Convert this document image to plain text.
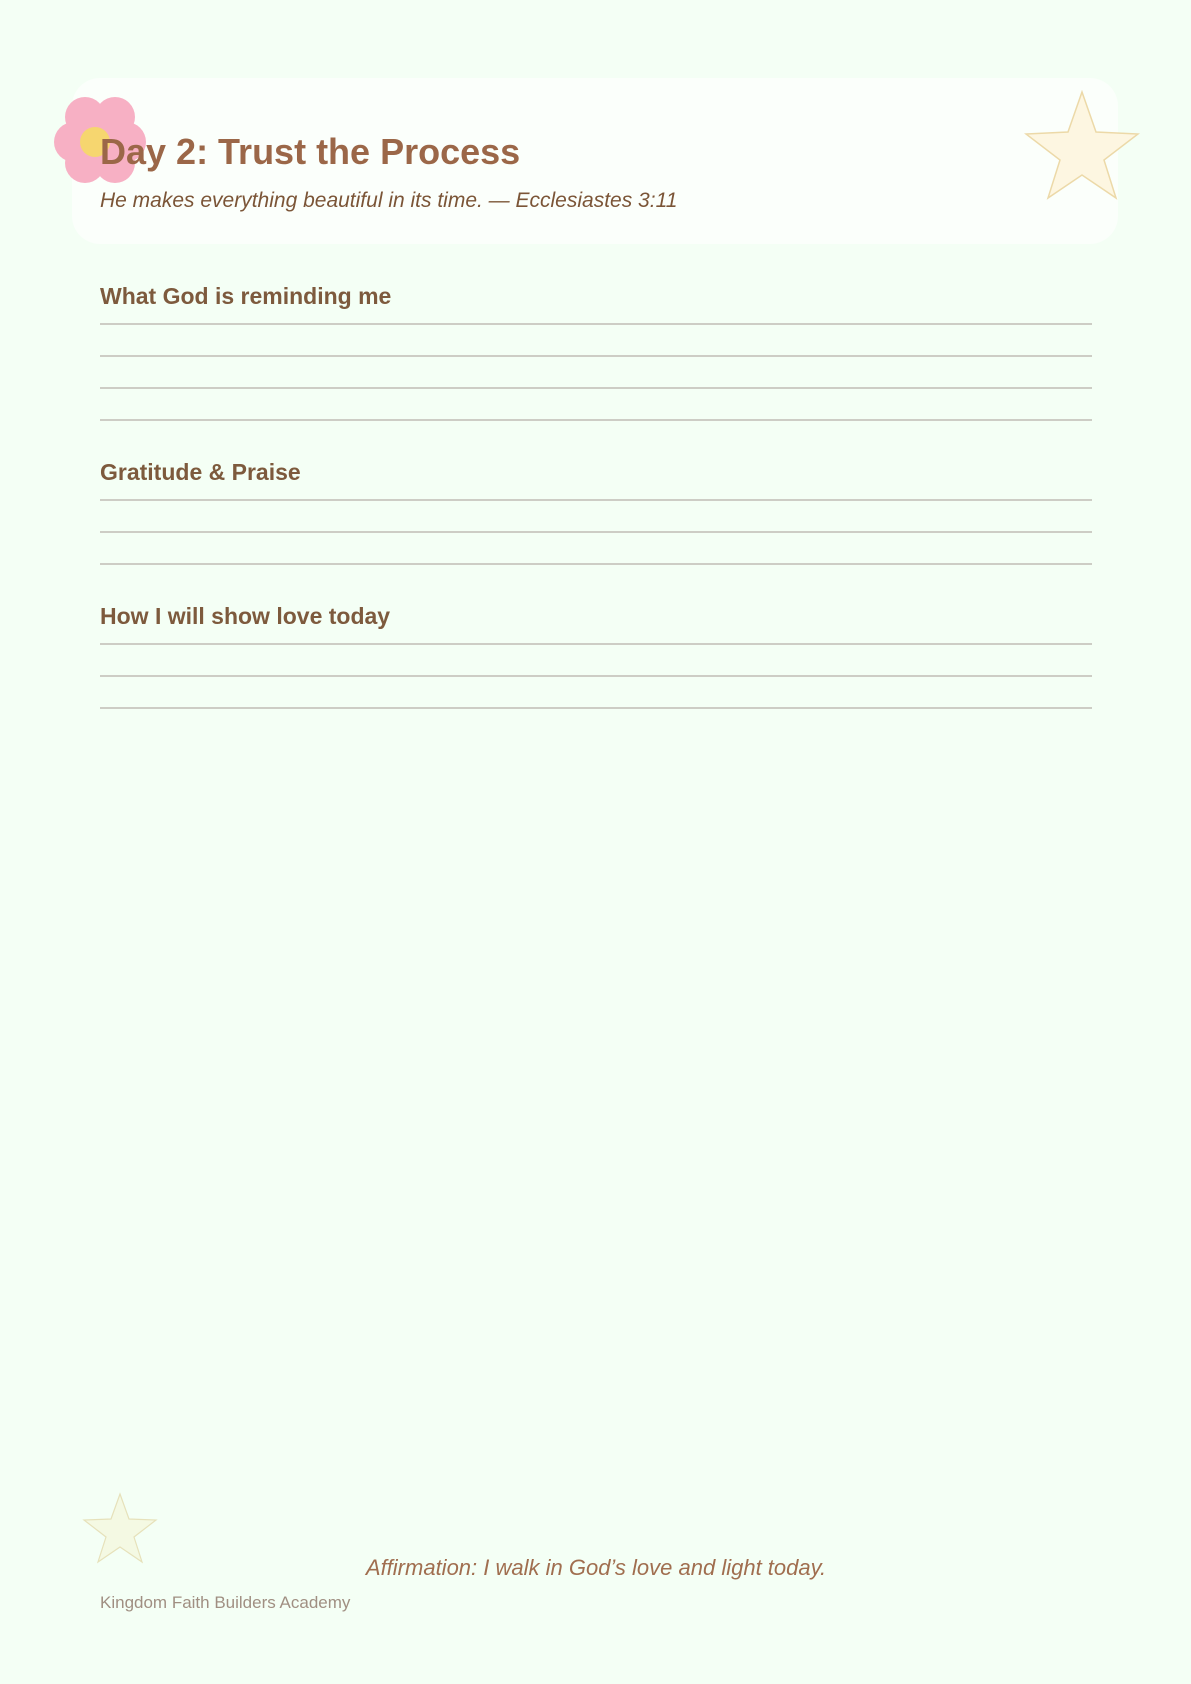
Day 2: Trust the Process

He makes everything beautiful in its time. — Ecclesiastes 3:11

What God is reminding me
Gratitude & Praise
How I will show love today

Affirmation: I walk in God’s love and light today.

Kingdom Faith Builders Academy
